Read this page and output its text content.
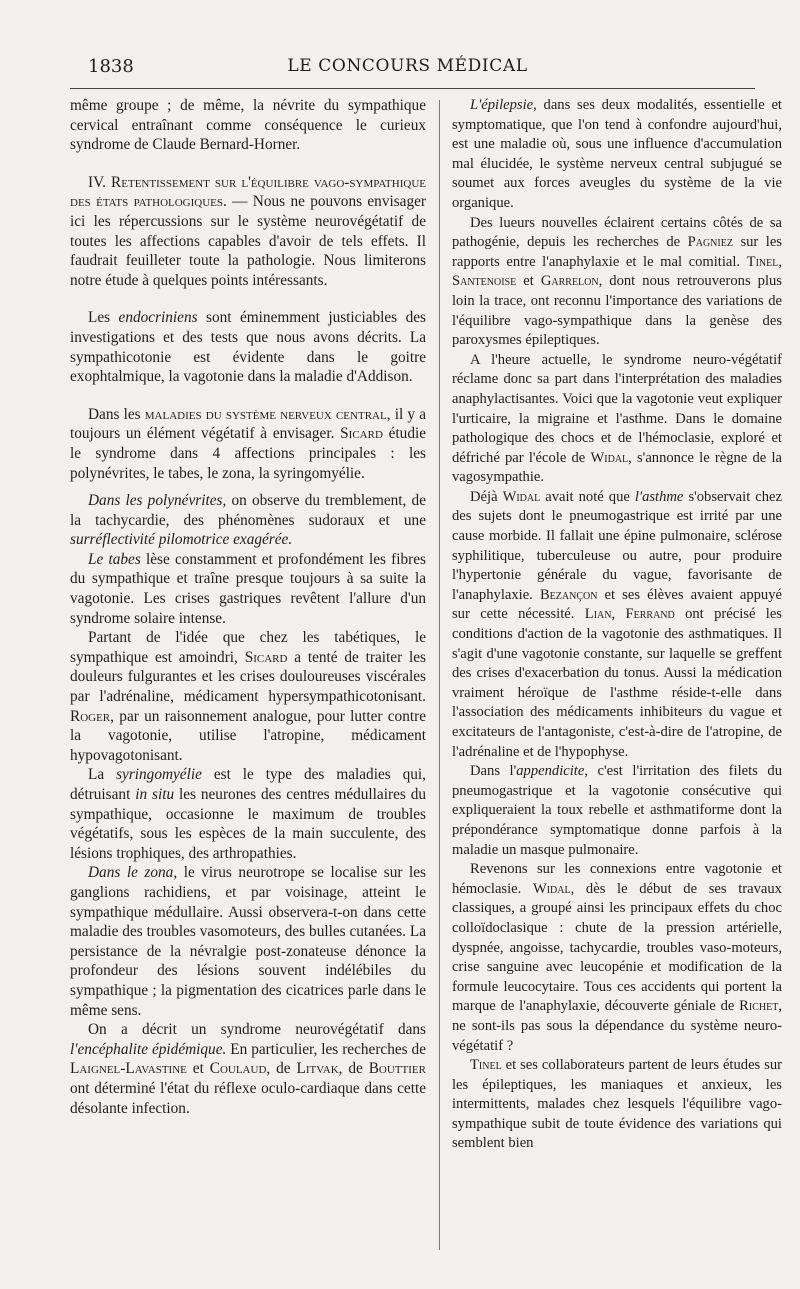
1838	LE CONCOURS MÉDICAL

même groupe ; de même, la névrite du sympathique cervical entraînant comme conséquence le curieux syndrome de Claude Bernard-Horner.

IV. Retentissement sur l'équilibre vago-sympathique des états pathologiques. — Nous ne pouvons envisager ici les répercussions sur le système neurovégétatif de toutes les affections capables d'avoir de tels effets. Il faudrait feuilleter toute la pathologie. Nous limiterons notre étude à quelques points intéressants.

Les endocriniens sont éminemment justiciables des investigations et des tests que nous avons décrits. La sympathicotonie est évidente dans le goitre exophtalmique, la vagotonie dans la maladie d'Addison.

Dans les maladies du système nerveux central, il y a toujours un élément végétatif à envisager. Sicard étudie le syndrome dans 4 affections principales : les polynévrites, le tabes, le zona, la syringomyélie.

Dans les polynévrites, on observe du tremblement, de la tachycardie, des phénomènes sudoraux et une surréflectivité pilomotrice exagérée.

Le tabes lèse constamment et profondément les fibres du sympathique et traîne presque toujours à sa suite la vagotonie. Les crises gastriques revêtent l'allure d'un syndrome solaire intense.

Partant de l'idée que chez les tabétiques, le sympathique est amoindri, Sicard a tenté de traiter les douleurs fulgurantes et les crises douloureuses viscérales par l'adrénaline, médicament hypersympathicotonisant. Roger, par un raisonnement analogue, pour lutter contre la vagotonie, utilise l'atropine, médicament hypovagotonisant.

La syringomyélie est le type des maladies qui, détruisant in situ les neurones des centres médullaires du sympathique, occasionne le maximum de troubles végétatifs, sous les espèces de la main succulente, des lésions trophiques, des arthropathies.

Dans le zona, le virus neurotrope se localise sur les ganglions rachidiens, et par voisinage, atteint le sympathique médullaire. Aussi observera-t-on dans cette maladie des troubles vasomoteurs, des bulles cutanées. La persistance de la névralgie post-zonateuse dénonce la profondeur des lésions souvent indélébiles du sympathique ; la pigmentation des cicatrices parle dans le même sens.

On a décrit un syndrome neurovégétatif dans l'encéphalite épidémique. En particulier, les recherches de Laignel-Lavastine et Coulaud, de Litvak, de Bouttier ont déterminé l'état du réflexe oculo-cardiaque dans cette désolante infection.

L'épilepsie, dans ses deux modalités, essentielle et symptomatique, que l'on tend à confondre aujourd'hui, est une maladie où, sous une influence d'accumulation mal élucidée, le système nerveux central subjugué se soumet aux forces aveugles du système de la vie organique.

Des lueurs nouvelles éclairent certains côtés de sa pathogénie, depuis les recherches de Pagniez sur les rapports entre l'anaphylaxie et le mal comitial. Tinel, Santenoise et Garrelon, dont nous retrouverons plus loin la trace, ont reconnu l'importance des variations de l'équilibre vago-sympathique dans la genèse des paroxysmes épileptiques.

A l'heure actuelle, le syndrome neuro-végétatif réclame donc sa part dans l'interprétation des maladies anaphylactisantes. Voici que la vagotonie veut expliquer l'urticaire, la migraine et l'asthme. Dans le domaine pathologique des chocs et de l'hémoclasie, exploré et défriché par l'école de Widal, s'annonce le règne de la vagosympathie.

Déjà Widal avait noté que l'asthme s'observait chez des sujets dont le pneumogastrique est irrité par une cause morbide. Il fallait une épine pulmonaire, sclérose syphilitique, tuberculeuse ou autre, pour produire l'hypertonie générale du vague, favorisante de l'anaphylaxie. Bezançon et ses élèves avaient appuyé sur cette nécessité. Lian, Ferrand ont précisé les conditions d'action de la vagotonie des asthmatiques. Il s'agit d'une vagotonie constante, sur laquelle se greffent des crises d'exacerbation du tonus. Aussi la médication vraiment héroïque de l'asthme réside-t-elle dans l'association des médicaments inhibiteurs du vague et excitateurs de l'antagoniste, c'est-à-dire de l'atropine, de l'adrénaline et de l'hypophyse.

Dans l'appendicite, c'est l'irritation des filets du pneumogastrique et la vagotonie consécutive qui expliqueraient la toux rebelle et asthmatiforme dont la prépondérance symptomatique donne parfois à la maladie un masque pulmonaire.

Revenons sur les connexions entre vagotonie et hémoclasie. Widal, dès le début de ses travaux classiques, a groupé ainsi les principaux effets du choc colloïdoclasique : chute de la pression artérielle, dyspnée, angoisse, tachycardie, troubles vaso-moteurs, crise sanguine avec leucopénie et modification de la formule leucocytaire. Tous ces accidents qui portent la marque de l'anaphylaxie, découverte géniale de Richet, ne sont-ils pas sous la dépendance du système neuro-végétatif ?

Tinel et ses collaborateurs partent de leurs études sur les épileptiques, les maniaques et anxieux, les intermittents, malades chez lesquels l'équilibre vago-sympathique subit de toute évidence des variations qui semblent bien
